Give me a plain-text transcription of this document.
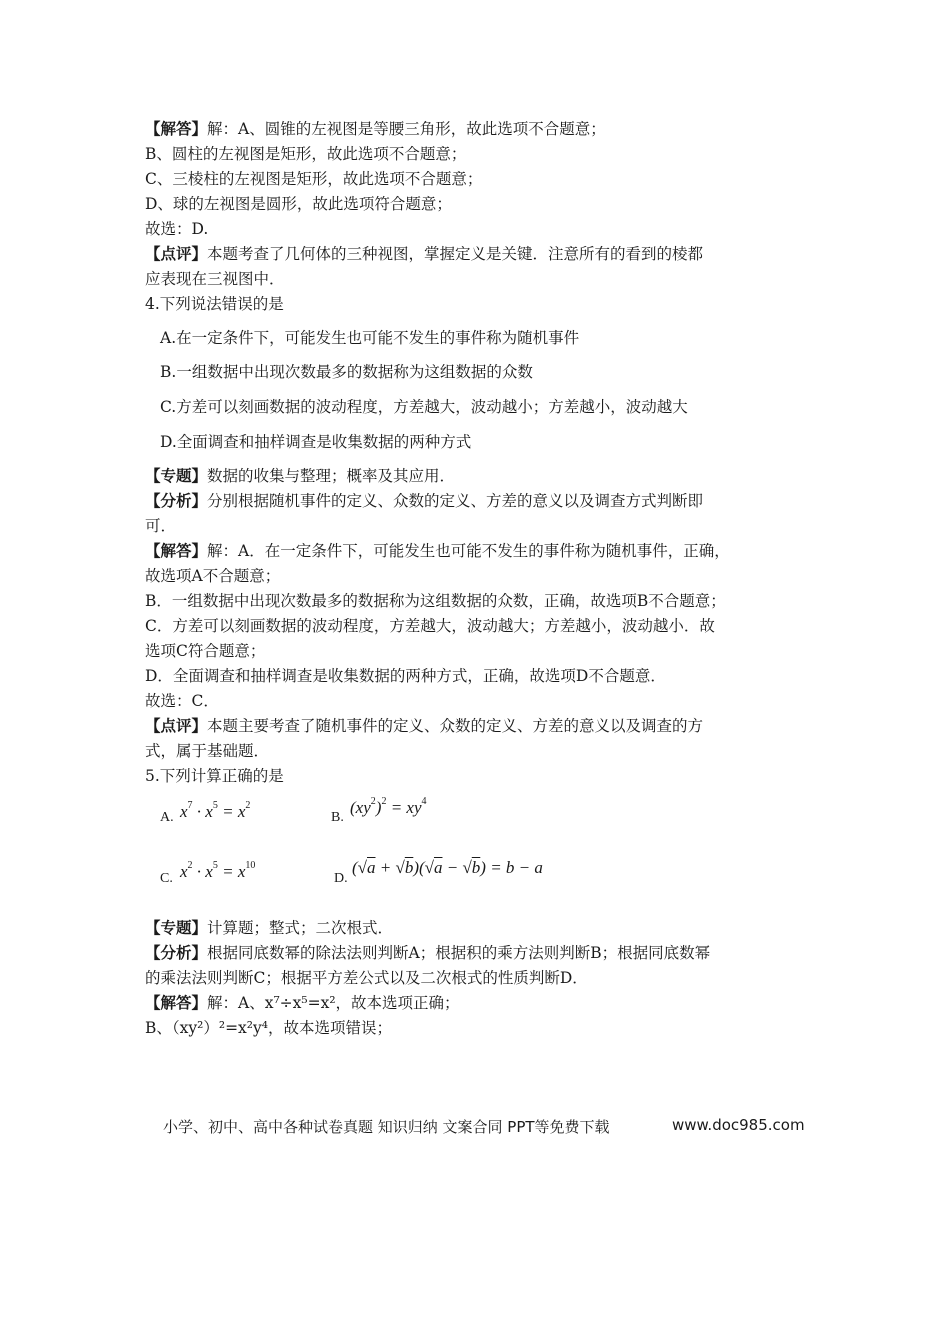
【解答】解：A、圆锥的左视图是等腰三角形，故此选项不合题意；
B、圆柱的左视图是矩形，故此选项不合题意；
C、三棱柱的左视图是矩形，故此选项不合题意；
D、球的左视图是圆形，故此选项符合题意；
故选：D.
【点评】本题考查了几何体的三种视图，掌握定义是关键．注意所有的看到的棱都
应表现在三视图中．
4.下列说法错误的是
A.在一定条件下，可能发生也可能不发生的事件称为随机事件
B.一组数据中出现次数最多的数据称为这组数据的众数
C.方差可以刻画数据的波动程度，方差越大，波动越小；方差越小，波动越大
D.全面调查和抽样调查是收集数据的两种方式
【专题】数据的收集与整理；概率及其应用．
【分析】分别根据随机事件的定义、众数的定义、方差的意义以及调查方式判断即
可．
【解答】解：A．在一定条件下，可能发生也可能不发生的事件称为随机事件，正确，
故选项A不合题意；
B．一组数据中出现次数最多的数据称为这组数据的众数，正确，故选项B不合题意；
C．方差可以刻画数据的波动程度，方差越大，波动越大；方差越小，波动越小．故
选项C符合题意；
D．全面调查和抽样调查是收集数据的两种方式，正确，故选项D不合题意．
故选：C．
【点评】本题主要考查了随机事件的定义、众数的定义、方差的意义以及调查的方
式，属于基础题．
5.下列计算正确的是
A. $x^7 \cdot x^5 = x^2$
B.
$(xy^2)^2 = xy^4$
C. $x^2 \cdot x^5 = x^{10}$
D.
(√a + √b)(√a − √b) = b − a
【专题】计算题；整式；二次根式．
【分析】根据同底数幂的除法法则判断A；根据积的乘方法则判断B；根据同底数幂
的乘法法则判断C；根据平方差公式以及二次根式的性质判断D．
【解答】解：A、x⁷÷x⁵=x²，故本选项正确；
B、（xy²）²=x²y⁴，故本选项错误；
小学、初中、高中各种试卷真题 知识归纳 文案合同 PPT等免费下载	www.doc985.com
